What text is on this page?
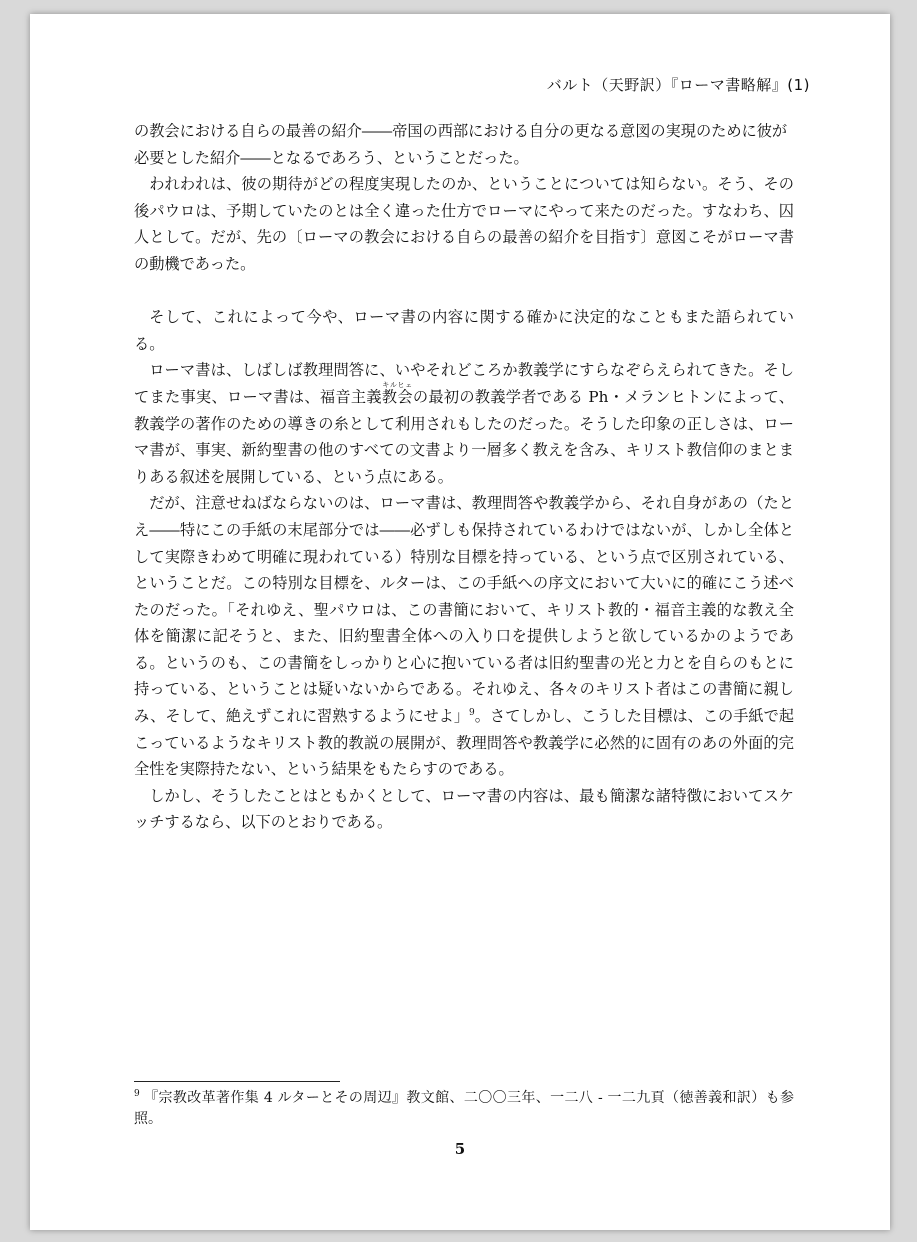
バルト（天野訳）『ローマ書略解』(1)

の教会における自らの最善の紹介――帝国の西部における自分の更なる意図の実現のために彼が
必要とした紹介――となるであろう、ということだった。

われわれは、彼の期待がどの程度実現したのか、ということについては知らない。そう、その後パウロは、予期していたのとは全く違った仕方でローマにやって来たのだった。すなわち、囚人として。だが、先の〔ローマの教会における自らの最善の紹介を目指す〕意図こそがローマ書の動機であった。

そして、これによって今や、ローマ書の内容に関する確かに決定的なこともまた語られている。

ローマ書は、しばしば教理問答に、いやそれどころか教義学にすらなぞらえられてきた。そしてまた事実、ローマ書は、福音主義教会キルヒェの最初の教義学者である Ph・メランヒトンによって、教義学の著作のための導きの糸として利用されもしたのだった。そうした印象の正しさは、ローマ書が、事実、新約聖書の他のすべての文書より一層多く教えを含み、キリスト教信仰のまとまりある叙述を展開している、という点にある。

だが、注意せねばならないのは、ローマ書は、教理問答や教義学から、それ自身があの（たとえ――特にこの手紙の末尾部分では――必ずしも保持されているわけではないが、しかし全体として実際きわめて明確に現われている）特別な目標を持っている、という点で区別されている、ということだ。この特別な目標を、ルターは、この手紙への序文において大いに的確にこう述べたのだった。「それゆえ、聖パウロは、この書簡において、キリスト教的・福音主義的な教え全体を簡潔に記そうと、また、旧約聖書全体への入り口を提供しようと欲しているかのようである。というのも、この書簡をしっかりと心に抱いている者は旧約聖書の光と力とを自らのもとに持っている、ということは疑いないからである。それゆえ、各々のキリスト者はこの書簡に親しみ、そして、絶えずこれに習熟するようにせよ」$^9$。さてしかし、こうした目標は、この手紙で起こっているようなキリスト教的教説の展開が、教理問答や教義学に必然的に固有のあの外面的完全性を実際持たない、という結果をもたらすのである。

しかし、そうしたことはともかくとして、ローマ書の内容は、最も簡潔な諸特徴においてスケッチするなら、以下のとおりである。

$^9$ 『宗教改革著作集 4 ルターとその周辺』教文館、二〇〇三年、一二八 - 一二九頁（徳善義和訳）も参照。
5
